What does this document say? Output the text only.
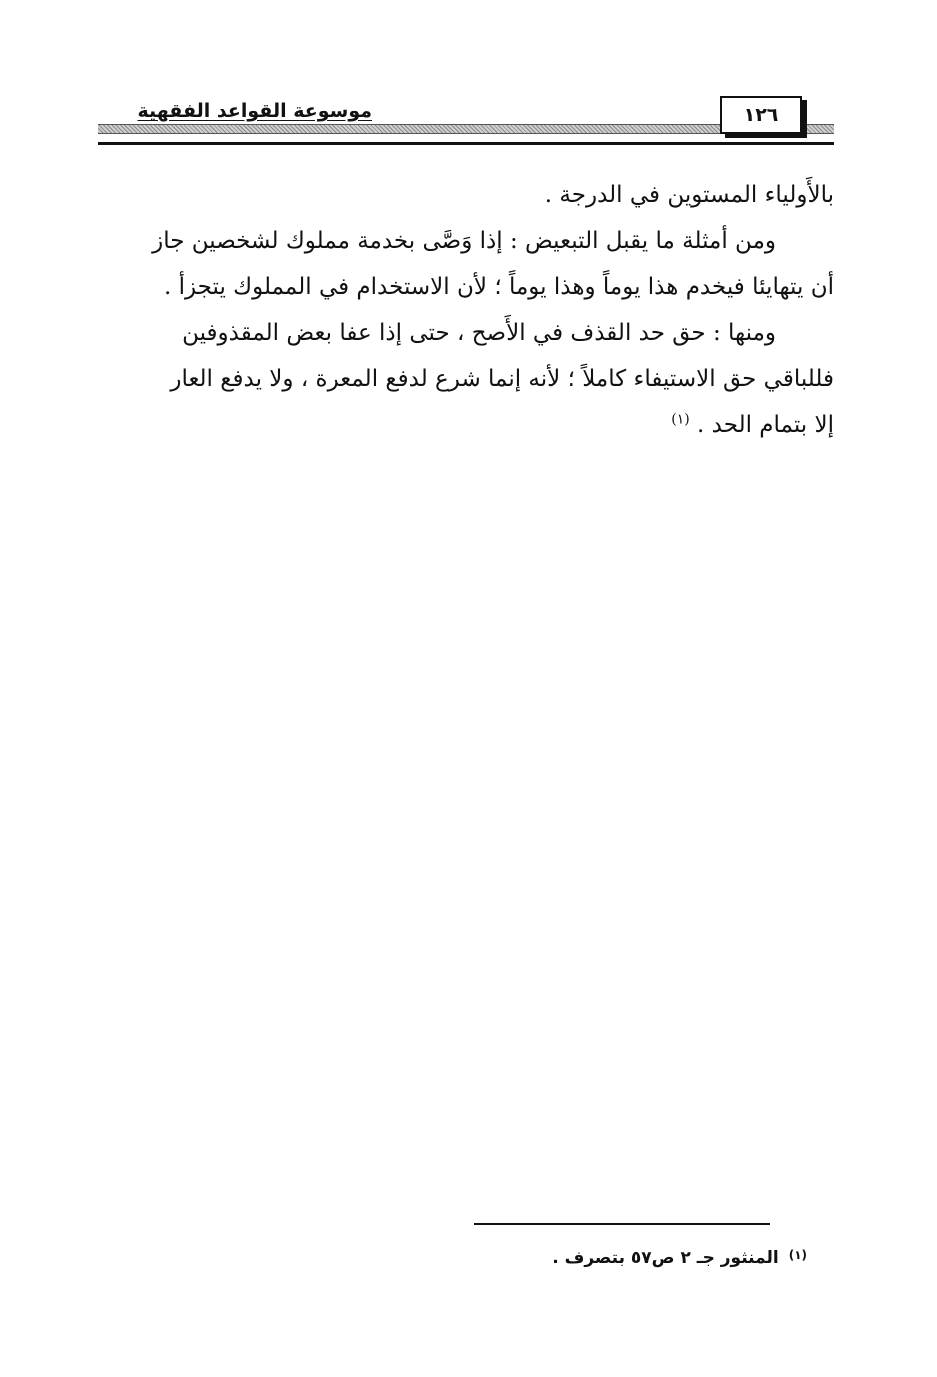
موسوعة القواعد الفقهية	١٢٦
بالأَولياء المستوين في الدرجة .
ومن أمثلة ما يقبل التبعيض : إذا وَصَّى بخدمة مملوك لشخصين جاز
أن يتهايئا فيخدم هذا يوماً وهذا يوماً ؛ لأن الاستخدام في المملوك يتجزأ .
ومنها : حق حد القذف في الأَصح ، حتى إذا عفا بعض المقذوفين
فللباقي حق الاستيفاء كاملاً ؛ لأنه إنما شرع لدفع المعرة ، ولا يدفع العار
إلا بتمام الحد . $^{(١)}$
$^{(١)}$المنثور جـ ٢ ص٥٧ بتصرف .
